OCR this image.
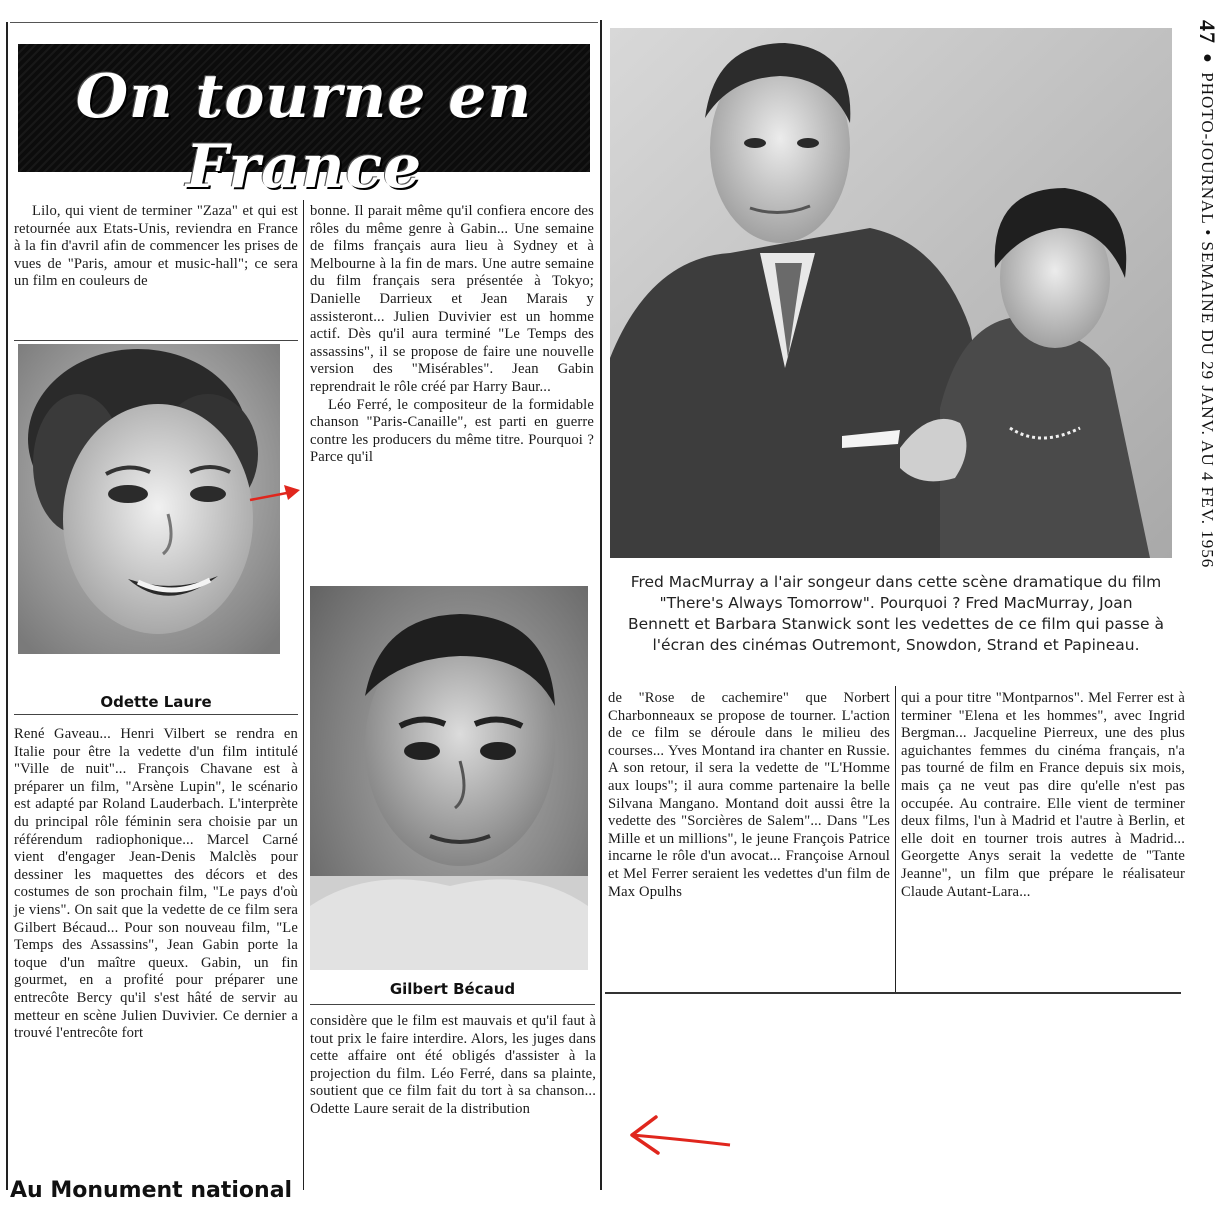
On tourne en France

Lilo, qui vient de terminer "Zaza" et qui est retournée aux Etats-Unis, reviendra en France à la fin d'avril afin de commencer les prises de vues de "Paris, amour et music-hall"; ce sera un film en couleurs de

bonne. Il parait même qu'il confiera encore des rôles du même genre à Gabin... Une semaine de films français aura lieu à Sydney et à Melbourne à la fin de mars. Une autre semaine du film français sera présentée à Tokyo; Danielle Darrieux et Jean Marais y assisteront... Julien Duvivier est un homme actif. Dès qu'il aura terminé "Le Temps des assassins", il se propose de faire une nouvelle version des "Misérables". Jean Gabin reprendrait le rôle créé par Harry Baur...

Léo Ferré, le compositeur de la formidable chanson "Paris-Canaille", est parti en guerre contre les producers du même titre. Pourquoi ? Parce qu'il

Odette Laure

René Gaveau... Henri Vilbert se rendra en Italie pour être la vedette d'un film intitulé "Ville de nuit"... François Chavane est à préparer un film, "Arsène Lupin", le scénario est adapté par Roland Lauderbach. L'interprète du principal rôle féminin sera choisie par un référendum radiophonique... Marcel Carné vient d'engager Jean-Denis Malclès pour dessiner les maquettes des décors et des costumes de son prochain film, "Le pays d'où je viens". On sait que la vedette de ce film sera Gilbert Bécaud... Pour son nouveau film, "Le Temps des Assassins", Jean Gabin porte la toque d'un maître queux. Gabin, un fin gourmet, en a profité pour préparer une entrecôte Bercy qu'il s'est hâté de servir au metteur en scène Julien Duvivier. Ce dernier a trouvé l'entrecôte fort

Gilbert Bécaud

considère que le film est mauvais et qu'il faut à tout prix le faire interdire. Alors, les juges dans cette affaire ont été obligés d'assister à la projection du film. Léo Ferré, dans sa plainte, soutient que ce film fait du tort à sa chanson... Odette Laure serait de la distribution

Fred MacMurray a l'air songeur dans cette scène dramatique du film "There's Always Tomorrow". Pourquoi ? Fred MacMurray, Joan Bennett et Barbara Stanwick sont les vedettes de ce film qui passe à l'écran des cinémas Outremont, Snowdon, Strand et Papineau.

de "Rose de cachemire" que Norbert Charbonneaux se propose de tourner. L'action de ce film se déroule dans le milieu des courses... Yves Montand ira chanter en Russie. A son retour, il sera la vedette de "L'Homme aux loups"; il aura comme partenaire la belle Silvana Mangano. Montand doit aussi être la vedette des "Sorcières de Salem"... Dans "Les Mille et un millions", le jeune François Patrice incarne le rôle d'un avocat... Françoise Arnoul et Mel Ferrer seraient les vedettes d'un film de Max Opulhs

qui a pour titre "Montparnos". Mel Ferrer est à terminer "Elena et les hommes", avec Ingrid Bergman... Jacqueline Pierreux, une des plus aguichantes femmes du cinéma français, n'a pas tourné de film en France depuis six mois, mais ça ne veut pas dire qu'elle n'est pas occupée. Au contraire. Elle vient de terminer deux films, l'un à Madrid et l'autre à Berlin, et elle doit en tourner trois autres à Madrid... Georgette Anys serait la vedette de "Tante Jeanne", un film que prépare le réalisateur Claude Autant-Lara...

47 ● PHOTO-JOURNAL • SEMAINE DU 29 JANV. AU 4 FEV. 1956
Au Monument national
